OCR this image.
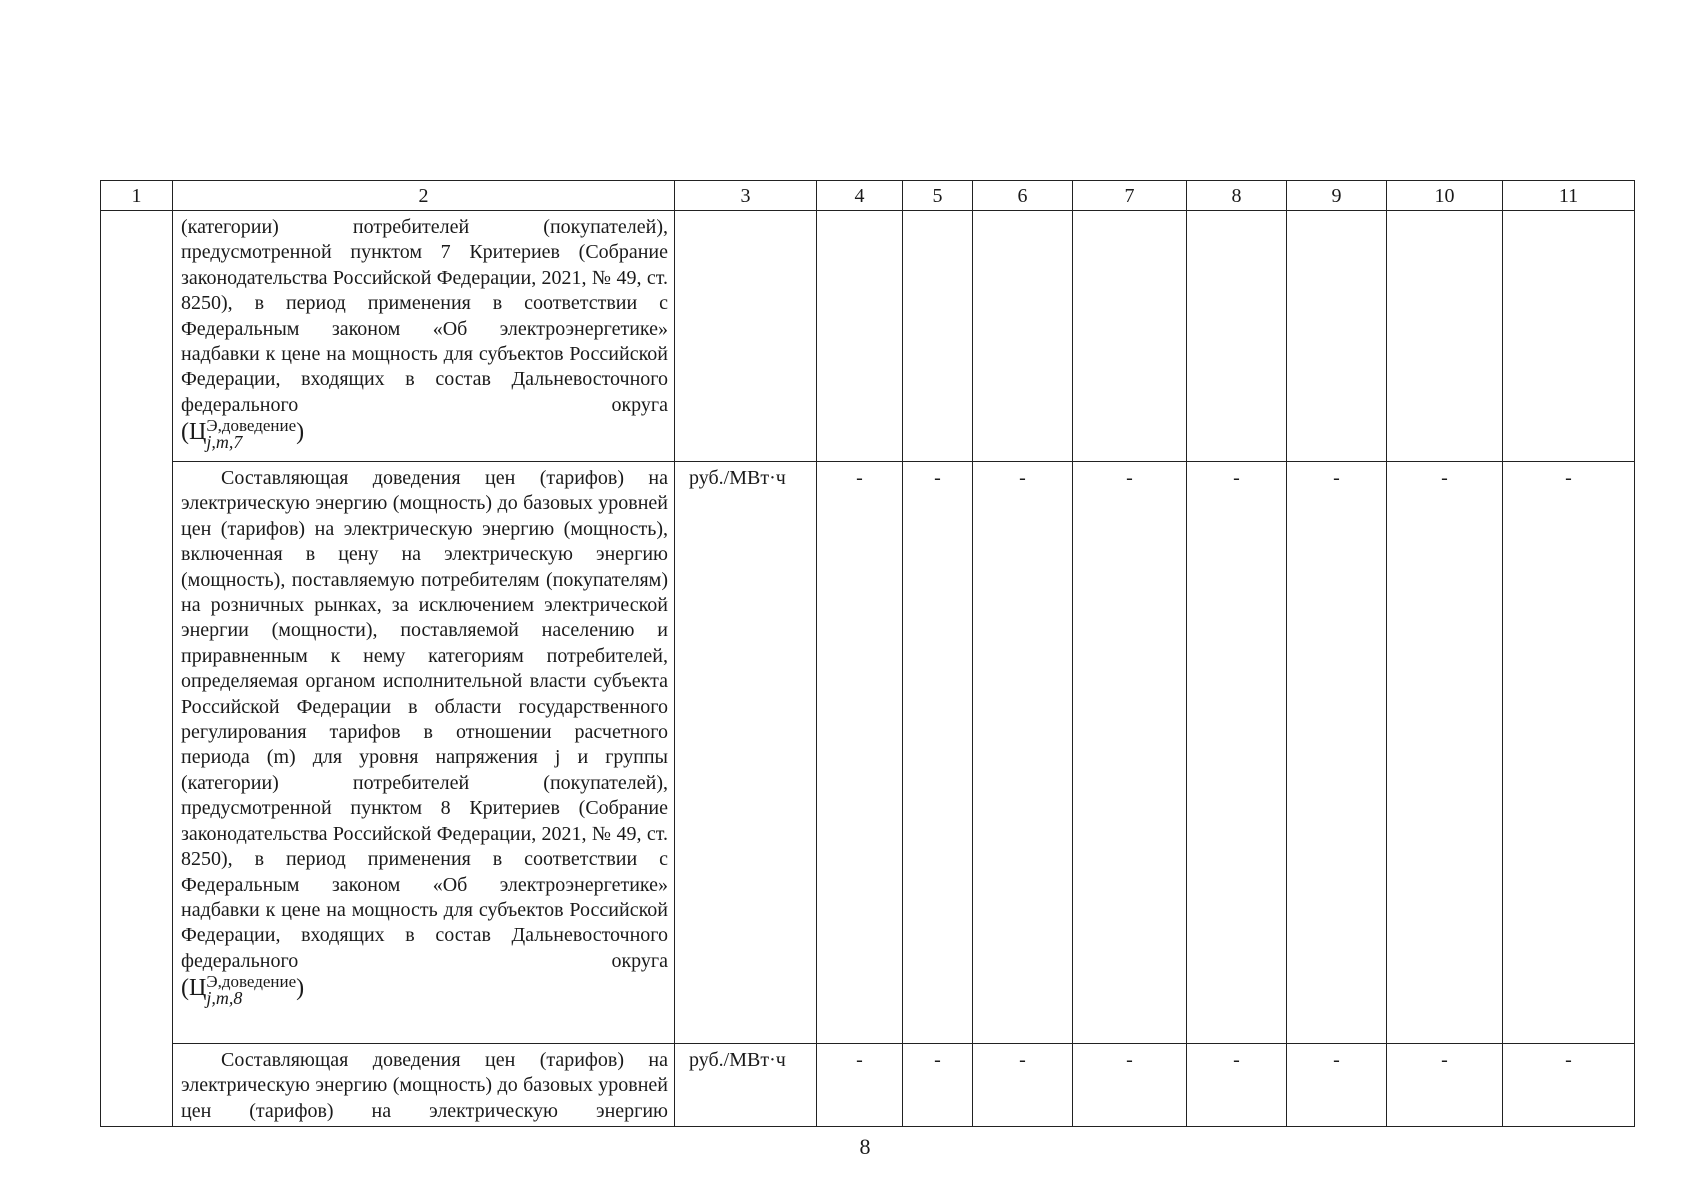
1	2	3	4	5	6	7	8	9	10	11

	(категории) потребителей (покупателей), предусмотренной пунктом 7 Критериев (Собрание законодательства Российской Федерации, 2021, № 49, ст. 8250), в период применения в соответствии с Федеральным законом «Об электроэнергетике» надбавки к цене на мощность для субъектов Российской Федерации, входящих в состав Дальневосточного федерального округа
(Ц Э,доведение
j,m,7 )									

	Составляющая доведения цен (тарифов) на электрическую энергию (мощность) до базовых уровней цен (тарифов) на электрическую энергию (мощность), включенная в цену на электрическую энергию (мощность), поставляемую потребителям (покупателям) на розничных рынках, за исключением электрической энергии (мощности), поставляемой населению и приравненным к нему категориям потребителей, определяемая органом исполнительной власти субъекта Российской Федерации в области государственного регулирования тарифов в отношении расчетного периода (m) для уровня напряжения j и группы (категории) потребителей (покупателей), предусмотренной пунктом 8 Критериев (Собрание законодательства Российской Федерации, 2021, № 49, ст. 8250), в период применения в соответствии с Федеральным законом «Об электроэнергетике» надбавки к цене на мощность для субъектов Российской Федерации, входящих в состав Дальневосточного федерального округа
(Ц Э,доведение
j,m,8 )	руб./МВт·ч	-	-	-	-	-	-	-	-

	Составляющая доведения цен (тарифов) на электрическую энергию (мощность) до базовых уровней цен (тарифов) на электрическую энергию	руб./МВт·ч	-	-	-	-	-	-	-	-
8
